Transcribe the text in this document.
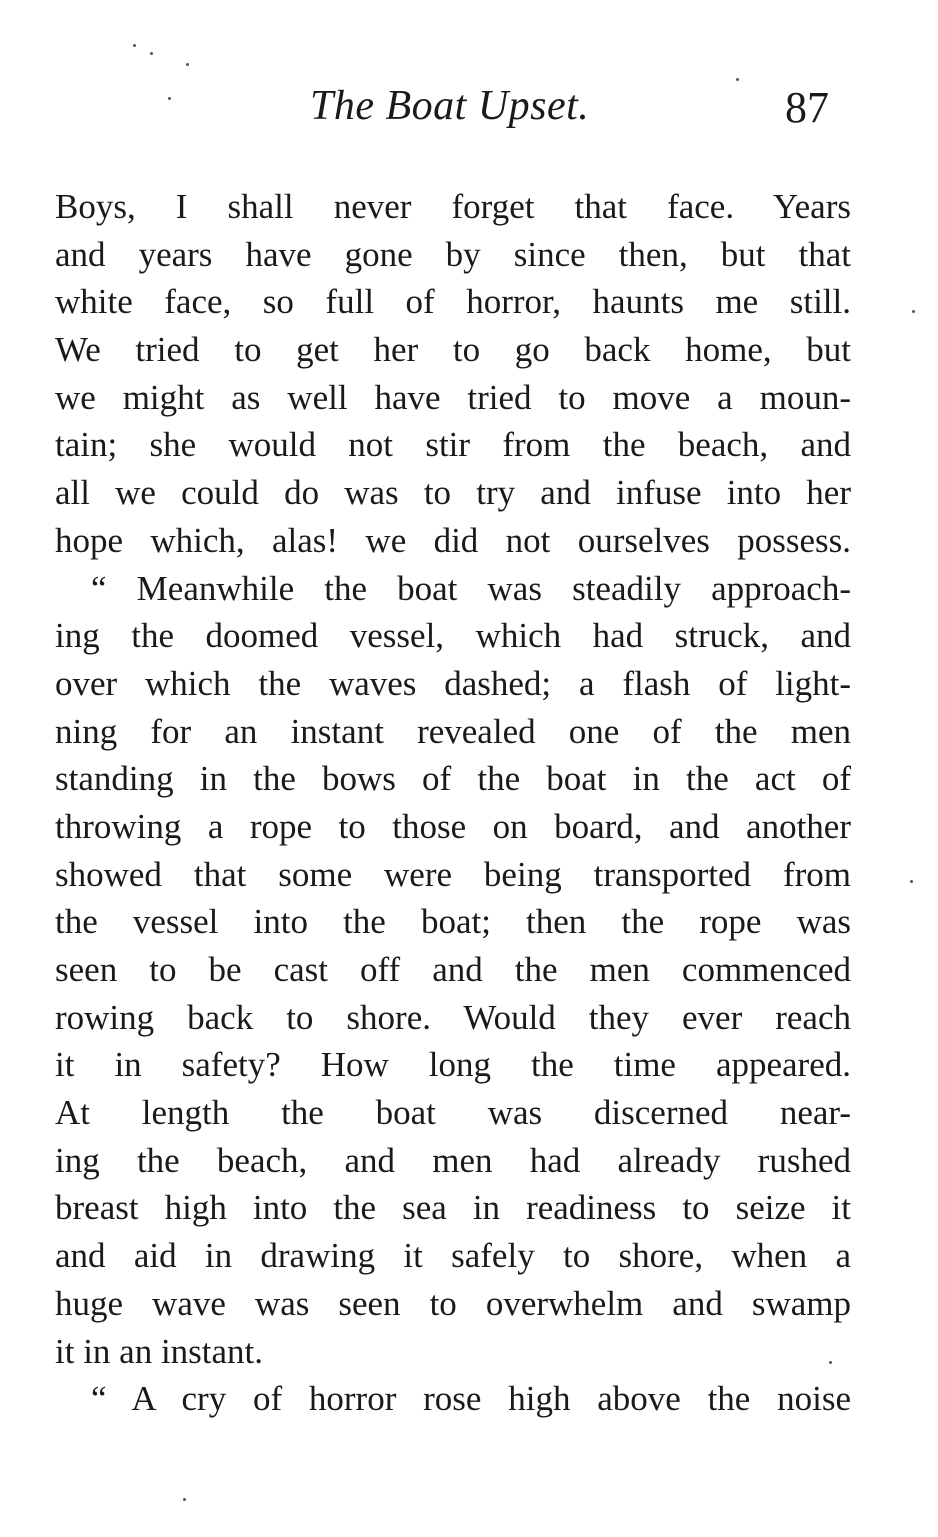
The Boat Upset.	87
Boys, I shall never forget that face. Years
and years have gone by since then, but that
white face, so full of horror, haunts me still.
We tried to get her to go back home, but
we might as well have tried to move a moun-
tain; she would not stir from the beach, and
all we could do was to try and infuse into her
hope which, alas! we did not ourselves possess.
“ Meanwhile the boat was steadily approach-
ing the doomed vessel, which had struck, and
over which the waves dashed; a flash of light-
ning for an instant revealed one of the men
standing in the bows of the boat in the act of
throwing a rope to those on board, and another
showed that some were being transported from
the vessel into the boat; then the rope was
seen to be cast off and the men commenced
rowing back to shore. Would they ever reach
it in safety? How long the time appeared.
At length the boat was discerned near-
ing the beach, and men had already rushed
breast high into the sea in readiness to seize it
and aid in drawing it safely to shore, when a
huge wave was seen to overwhelm and swamp
it in an instant.
“ A cry of horror rose high above the noise
